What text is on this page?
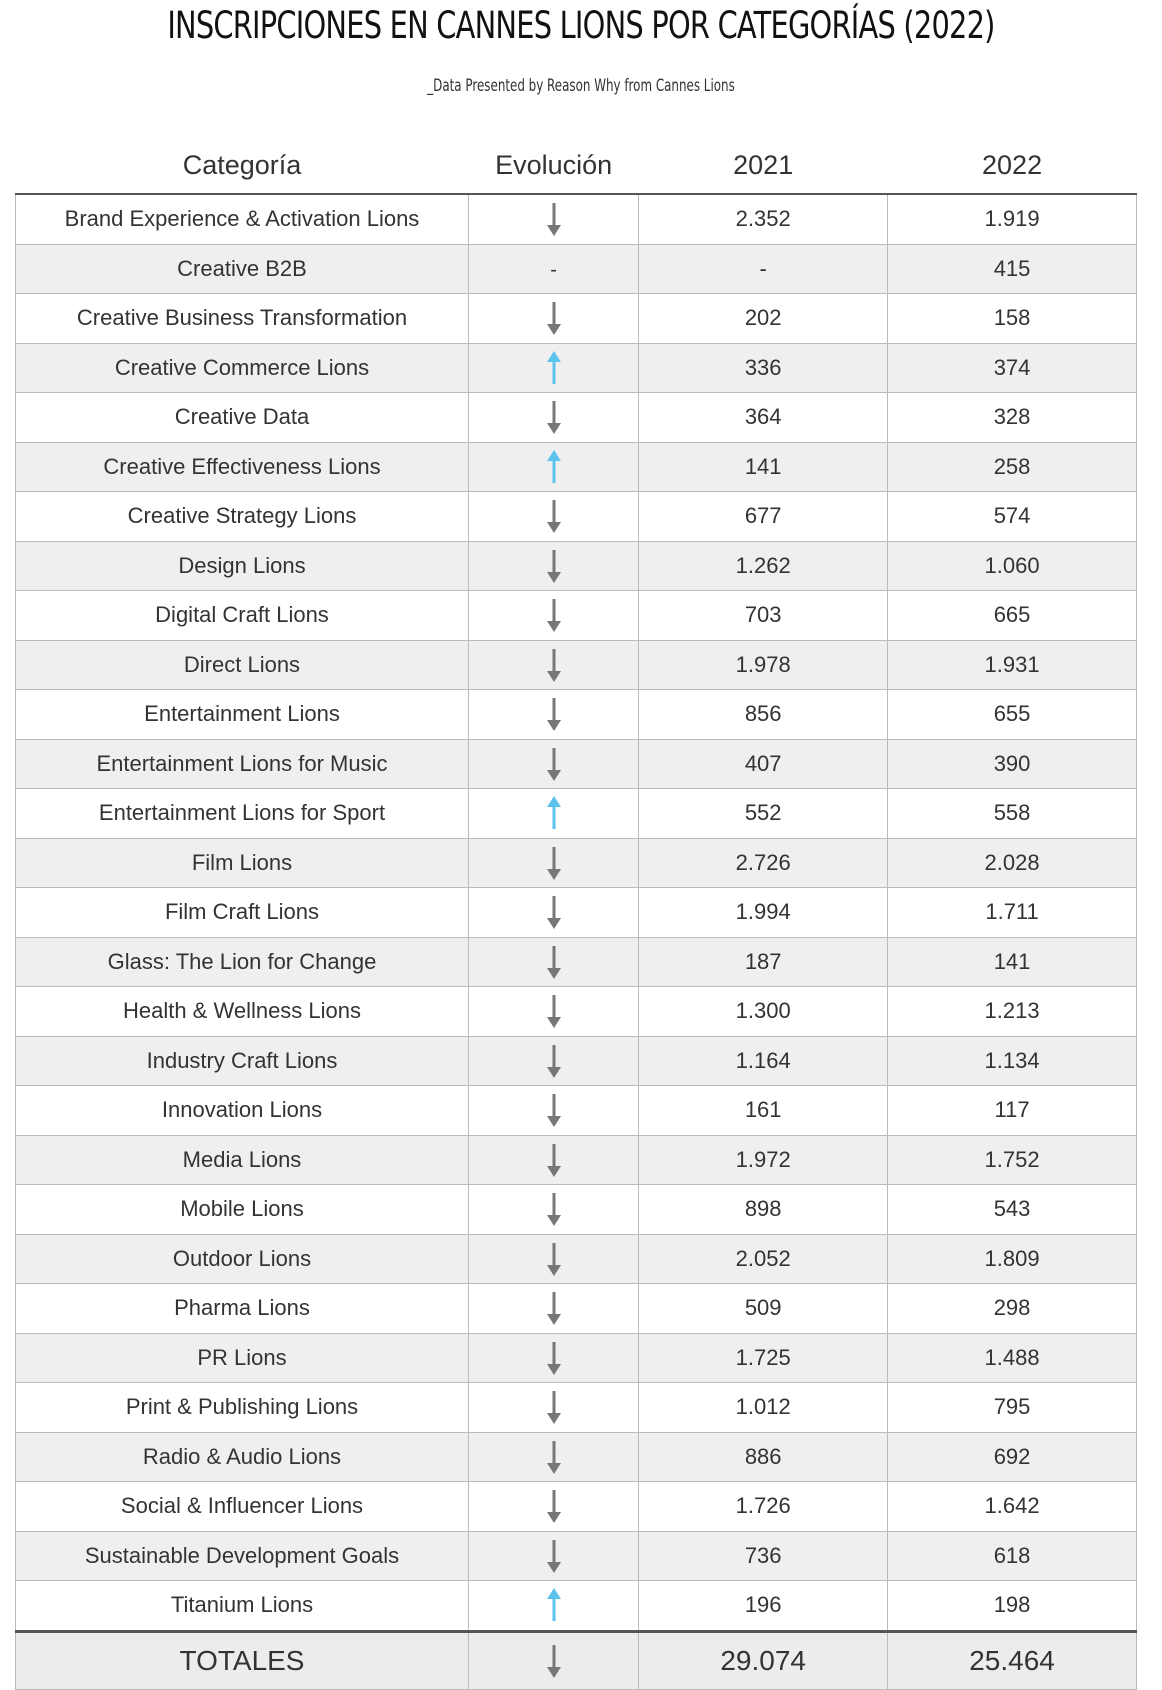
INSCRIPCIONES EN CANNES LIONS POR CATEGORÍAS (2022)
_Data Presented by Reason Why from Cannes Lions
Categoría	Evolución	2021	2022
Brand Experience & Activation Lions		2.352	1.919
Creative B2B	-	-	415
Creative Business Transformation		202	158
Creative Commerce Lions		336	374
Creative Data		364	328
Creative Effectiveness Lions		141	258
Creative Strategy Lions		677	574
Design Lions		1.262	1.060
Digital Craft Lions		703	665
Direct Lions		1.978	1.931
Entertainment Lions		856	655
Entertainment Lions for Music		407	390
Entertainment Lions for Sport		552	558
Film Lions		2.726	2.028
Film Craft Lions		1.994	1.711
Glass: The Lion for Change		187	141
Health & Wellness Lions		1.300	1.213
Industry Craft Lions		1.164	1.134
Innovation Lions		161	117
Media Lions		1.972	1.752
Mobile Lions		898	543
Outdoor Lions		2.052	1.809
Pharma Lions		509	298
PR Lions		1.725	1.488
Print & Publishing Lions		1.012	795
Radio & Audio Lions		886	692
Social & Influencer Lions		1.726	1.642
Sustainable Development Goals		736	618
Titanium Lions		196	198
TOTALES		29.074	25.464
